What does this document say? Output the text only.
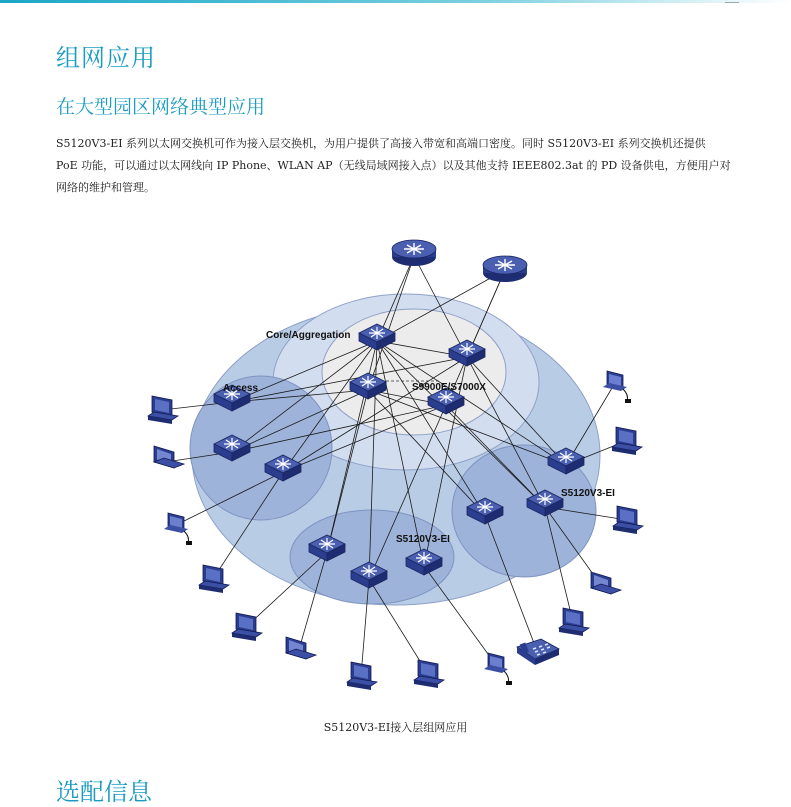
组网应用
在大型园区网络典型应用

S5120V3-EI 系列以太网交换机可作为接入层交换机，为用户提供了高接入带宽和高端口密度。同时 S5120V3-EI 系列交换机还提供

PoE 功能，可以通过以太网线向 IP Phone、WLAN AP（无线局域网接入点）以及其他支持 IEEE802.3at 的 PD 设备供电，方便用户对

网络的维护和管理。

Core/Aggregation
S9900E/S7000X
Access
S5120V3-EI
S5120V3-EI
S5120V3-EI接入层组网应用
选配信息
